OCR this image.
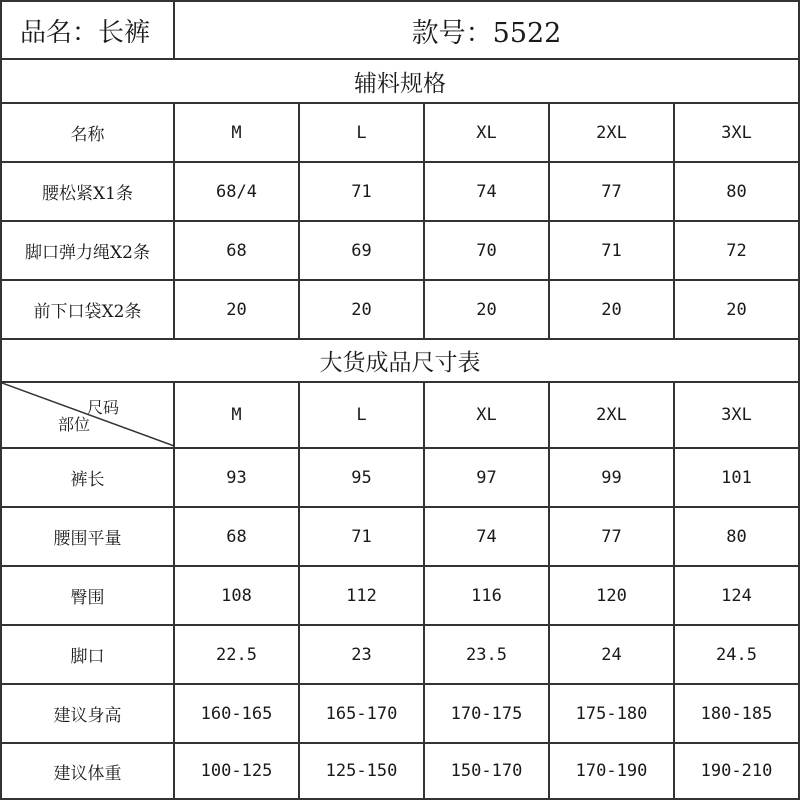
品名：长裤	款号：5522
辅料规格
名称	M	L	XL	2XL	3XL
腰松紧X1条	68/4	71	74	77	80
脚口弹力绳X2条	68	69	70	71	72
前下口袋X2条	20	20	20	20	20
大货成品尺寸表
尺码
部位	M	L	XL	2XL	3XL
裤长	93	95	97	99	101
腰围平量	68	71	74	77	80
臀围	108	112	116	120	124
脚口	22.5	23	23.5	24	24.5
建议身高	160-165	165-170	170-175	175-180	180-185
建议体重	100-125	125-150	150-170	170-190	190-210
